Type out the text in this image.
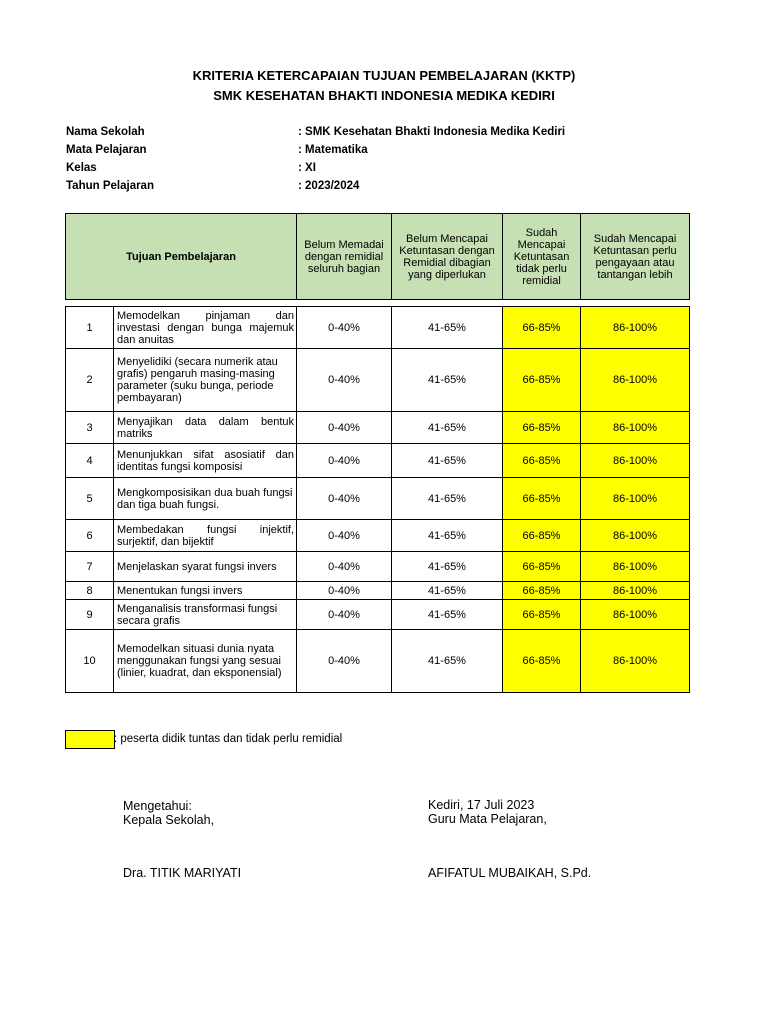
KRITERIA KETERCAPAIAN TUJUAN PEMBELAJARAN (KKTP)
SMK KESEHATAN BHAKTI INDONESIA MEDIKA KEDIRI
Nama Sekolah	: SMK Kesehatan Bhakti Indonesia Medika Kediri
Mata Pelajaran	: Matematika
Kelas	: XI
Tahun Pelajaran	: 2023/2024
Tujuan Pembelajaran		Belum Memadai dengan remidial seluruh bagian	Belum Mencapai Ketuntasan dengan Remidial dibagian yang diperlukan	Sudah Mencapai Ketuntasan tidak perlu remidial	Sudah Mencapai Ketuntasan perlu pengayaan atau tantangan lebih

1	Memodelkan pinjaman dan investasi dengan bunga majemuk dan anuitas	0-40%	41-65%	66-85%	86-100%
2	Menyelidiki (secara numerik atau grafis) pengaruh masing-masing parameter (suku bunga, periode pembayaran)	0-40%	41-65%	66-85%	86-100%
3	Menyajikan data dalam bentuk matriks	0-40%	41-65%	66-85%	86-100%
4	Menunjukkan sifat asosiatif dan identitas fungsi komposisi	0-40%	41-65%	66-85%	86-100%
5	Mengkomposisikan dua buah fungsi dan tiga buah fungsi.	0-40%	41-65%	66-85%	86-100%
6	Membedakan fungsi injektif, surjektif, dan bijektif	0-40%	41-65%	66-85%	86-100%
7	Menjelaskan syarat fungsi invers	0-40%	41-65%	66-85%	86-100%
8	Menentukan fungsi invers	0-40%	41-65%	66-85%	86-100%
9	Menganalisis transformasi fungsi secara grafis	0-40%	41-65%	66-85%	86-100%
10	Memodelkan situasi dunia nyata menggunakan fungsi yang sesuai (linier, kuadrat, dan eksponensial)	0-40%	41-65%	66-85%	86-100%
: peserta didik tuntas dan tidak perlu remidial
Mengetahui:
Kepala Sekolah,
Dra. TITIK MARIYATI
Kediri, 17 Juli 2023
Guru Mata Pelajaran,
AFIFATUL MUBAIKAH, S.Pd.
